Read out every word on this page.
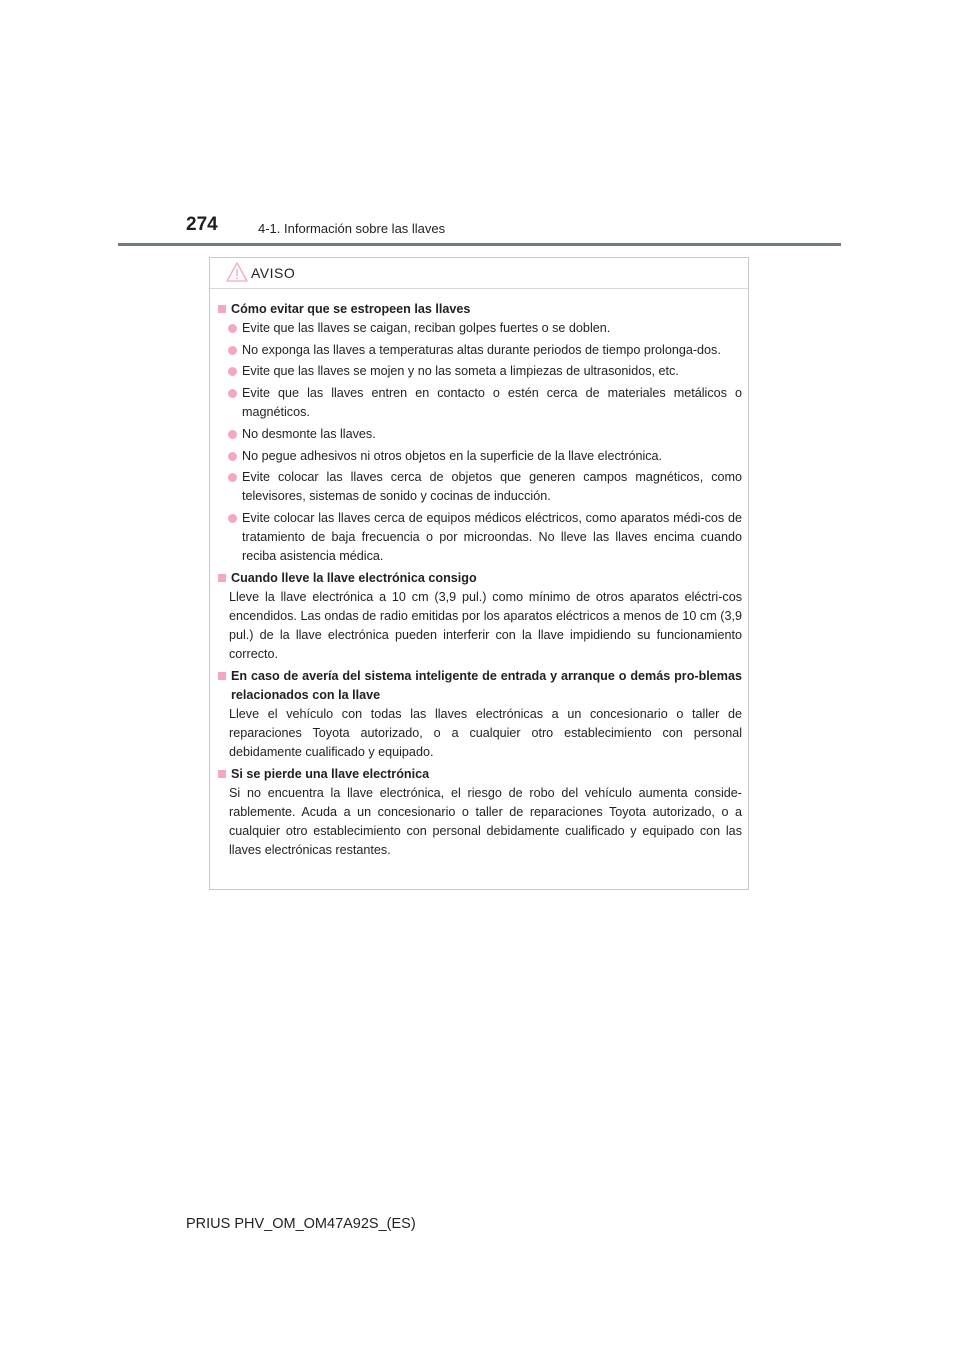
274	4-1. Información sobre las llaves
AVISO
Cómo evitar que se estropeen las llaves
Evite que las llaves se caigan, reciban golpes fuertes o se doblen.
No exponga las llaves a temperaturas altas durante periodos de tiempo prolonga-dos.
Evite que las llaves se mojen y no las someta a limpiezas de ultrasonidos, etc.
Evite que las llaves entren en contacto o estén cerca de materiales metálicos o magnéticos.
No desmonte las llaves.
No pegue adhesivos ni otros objetos en la superficie de la llave electrónica.
Evite colocar las llaves cerca de objetos que generen campos magnéticos, como televisores, sistemas de sonido y cocinas de inducción.
Evite colocar las llaves cerca de equipos médicos eléctricos, como aparatos médi-cos de tratamiento de baja frecuencia o por microondas. No lleve las llaves encima cuando reciba asistencia médica.
Cuando lleve la llave electrónica consigo
Lleve la llave electrónica a 10 cm (3,9 pul.) como mínimo de otros aparatos eléctri-cos encendidos. Las ondas de radio emitidas por los aparatos eléctricos a menos de 10 cm (3,9 pul.) de la llave electrónica pueden interferir con la llave impidiendo su funcionamiento correcto.
En caso de avería del sistema inteligente de entrada y arranque o demás pro-blemas relacionados con la llave
Lleve el vehículo con todas las llaves electrónicas a un concesionario o taller de reparaciones Toyota autorizado, o a cualquier otro establecimiento con personal debidamente cualificado y equipado.
Si se pierde una llave electrónica
Si no encuentra la llave electrónica, el riesgo de robo del vehículo aumenta conside-rablemente. Acuda a un concesionario o taller de reparaciones Toyota autorizado, o a cualquier otro establecimiento con personal debidamente cualificado y equipado con las llaves electrónicas restantes.
PRIUS PHV_OM_OM47A92S_(ES)
